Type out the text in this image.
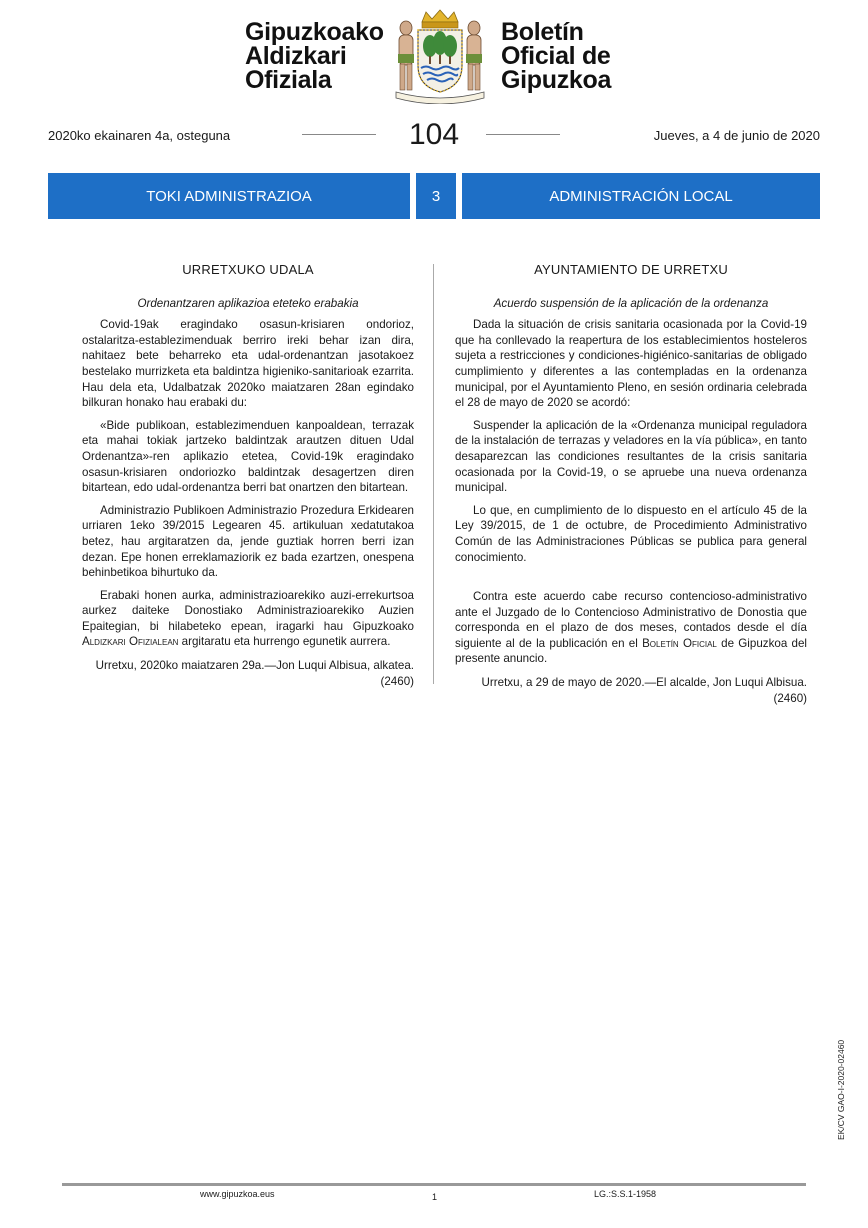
Gipuzkoako
Aldizkari
Ofiziala
Boletín
Oficial de
Gipuzkoa
2020ko ekainaren 4a, osteguna	104	Jueves, a 4 de junio de 2020
TOKI ADMINISTRAZIOA	3	ADMINISTRACIÓN LOCAL
URRETXUKO UDALA
Ordenantzaren aplikazioa eteteko erabakia

Covid-19ak eragindako osasun-krisiaren ondorioz, ostalaritza-establezimenduak berriro ireki behar izan dira, nahitaez bete beharreko eta udal-ordenantzan jasotakoez bestelako murrizketa eta baldintza higieniko-sanitarioak ezarrita. Hau dela eta, Udalbatzak 2020ko maiatzaren 28an egindako bilkuran honako hau erabaki du:

«Bide publikoan, establezimenduen kanpoaldean, terrazak eta mahai tokiak jartzeko baldintzak arautzen dituen Udal Ordenantza»-ren aplikazio etetea, Covid-19k eragindako osasun-krisiaren ondoriozko baldintzak desagertzen diren bitartean, edo udal-ordenantza berri bat onartzen den bitartean.

Administrazio Publikoen Administrazio Prozedura Erkidearen urriaren 1eko 39/2015 Legearen 45. artikuluan xedatutakoa betez, hau argitaratzen da, jende guztiak horren berri izan dezan. Epe honen erreklamaziorik ez bada ezartzen, onespena behinbetikoa bihurtuko da.

Erabaki honen aurka, administrazioarekiko auzi-errekurtsoa aurkez daiteke Donostiako Administrazioarekiko Auzien Epaitegian, bi hilabeteko epean, iragarki hau Gipuzkoako Aldizkari Ofizialean argitaratu eta hurrengo egunetik aurrera.

Urretxu, 2020ko maiatzaren 29a.—Jon Luqui Albisua, alkatea.
(2460)
AYUNTAMIENTO DE URRETXU
Acuerdo suspensión de la aplicación de la ordenanza

Dada la situación de crisis sanitaria ocasionada por la Covid-19 que ha conllevado la reapertura de los establecimientos hosteleros sujeta a restricciones y condiciones-higiénico-sanitarias de obligado cumplimiento y diferentes a las contempladas en la ordenanza municipal, por el Ayuntamiento Pleno, en sesión ordinaria celebrada el 28 de mayo de 2020 se acordó:

Suspender la aplicación de la «Ordenanza municipal reguladora de la instalación de terrazas y veladores en la vía pública», en tanto desaparezcan las condiciones resultantes de la crisis sanitaria ocasionada por la Covid-19, o se apruebe una nueva ordenanza municipal.

Lo que, en cumplimiento de lo dispuesto en el artículo 45 de la Ley 39/2015, de 1 de octubre, de Procedimiento Administrativo Común de las Administraciones Públicas se publica para general conocimiento.

Contra este acuerdo cabe recurso contencioso-administrativo ante el Juzgado de lo Contencioso Administrativo de Donostia que corresponda en el plazo de dos meses, contados desde el día siguiente al de la publicación en el Boletín Oficial de Gipuzkoa del presente anuncio.

Urretxu, a 29 de mayo de 2020.—El alcalde, Jon Luqui Albisua.
(2460)
EK/CV GAO-I-2020-02460
www.gipuzkoa.eus	1	LG.:S.S.1-1958
